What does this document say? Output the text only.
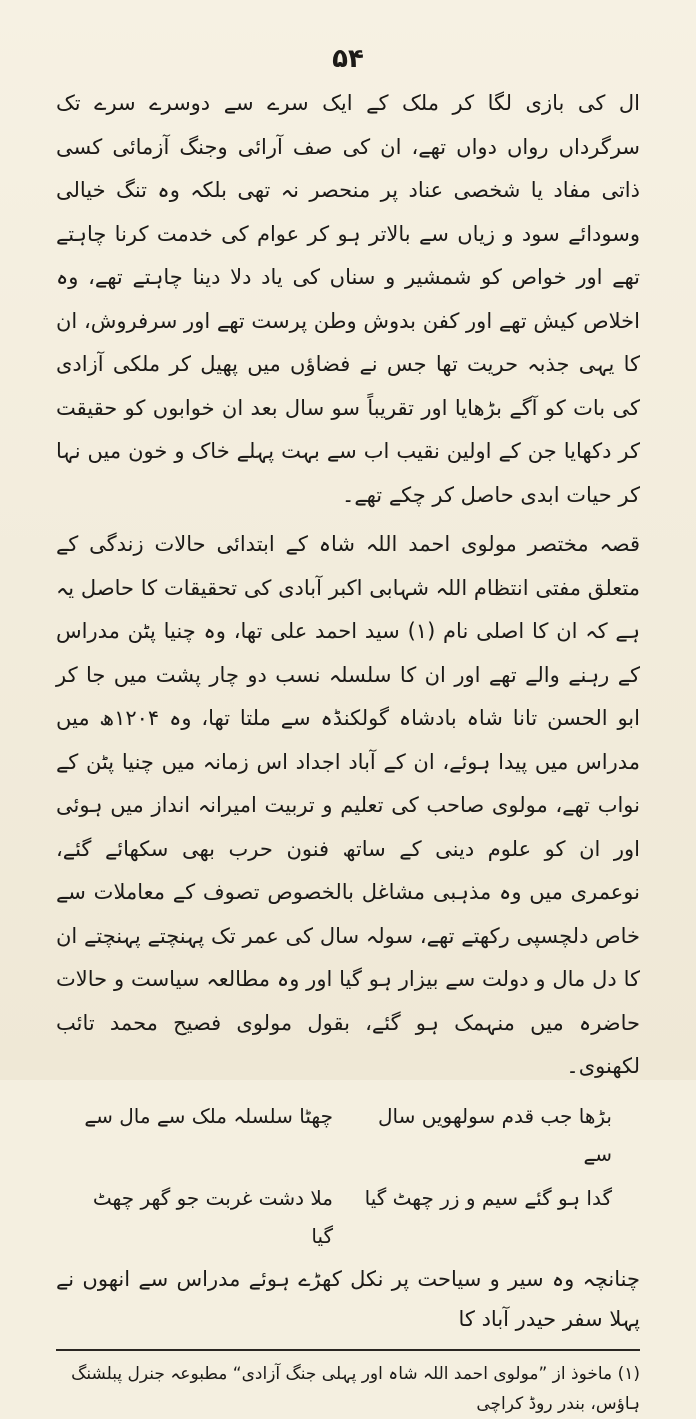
۵۴

ال کی بازی لگا کر ملک کے ایک سرے سے دوسرے سرے تک سرگرداں رواں دواں تھے، ان کی صف آرائی وجنگ آزمائی کسی ذاتی مفاد یا شخصی عناد پر منحصر نہ تھی بلکہ وہ تنگ خیالی وسودائے سود و زیاں سے بالاتر ہو کر عوام کی خدمت کرنا چاہتے تھے اور خواص کو شمشیر و سناں کی یاد دلا دینا چاہتے تھے، وہ اخلاص کیش تھے اور کفن بدوش وطن پرست تھے اور سرفروش، ان کا یہی جذبہ حریت تھا جس نے فضاؤں میں پھیل کر ملکی آزادی کی بات کو آگے بڑھایا اور تقریباً سو سال بعد ان خوابوں کو حقیقت کر دکھایا جن کے اولین نقیب اب سے بہت پہلے خاک و خون میں نہا کر حیات ابدی حاصل کر چکے تھے۔

قصہ مختصر مولوی احمد اللہ شاہ کے ابتدائی حالات زندگی کے متعلق مفتی انتظام اللہ شہابی اکبر آبادی کی تحقیقات کا حاصل یہ ہے کہ ان کا اصلی نام (۱) سید احمد علی تھا، وہ چنیا پٹن مدراس کے رہنے والے تھے اور ان کا سلسلہ نسب دو چار پشت میں جا کر ابو الحسن تانا شاہ بادشاہ گولکنڈہ سے ملتا تھا، وہ ۱۲۰۴ھ میں مدراس میں پیدا ہوئے، ان کے آباد اجداد اس زمانہ میں چنیا پٹن کے نواب تھے، مولوی صاحب کی تعلیم و تربیت امیرانہ انداز میں ہوئی اور ان کو علوم دینی کے ساتھ فنون حرب بھی سکھائے گئے، نوعمری میں وہ مذہبی مشاغل بالخصوص تصوف کے معاملات سے خاص دلچسپی رکھتے تھے، سولہ سال کی عمر تک پہنچتے پہنچتے ان کا دل مال و دولت سے بیزار ہو گیا اور وہ مطالعہ سیاست و حالات حاضرہ میں منہمک ہو گئے، بقول مولوی فصیح محمد تائب لکھنوی۔

بڑھا جب قدم سولھویں سال سے
چھٹا سلسلہ ملک سے مال سے
گدا ہو گئے سیم و زر چھٹ گیا
ملا دشت غربت جو گھر چھٹ گیا

چنانچہ وہ سیر و سیاحت پر نکل کھڑے ہوئے مدراس سے انھوں نے پہلا سفر حیدر آباد کا

(۱) ماخوذ از ”مولوی احمد اللہ شاہ اور پہلی جنگ آزادی“ مطبوعہ جنرل پبلشنگ ہاؤس، بندر روڈ کراچی
